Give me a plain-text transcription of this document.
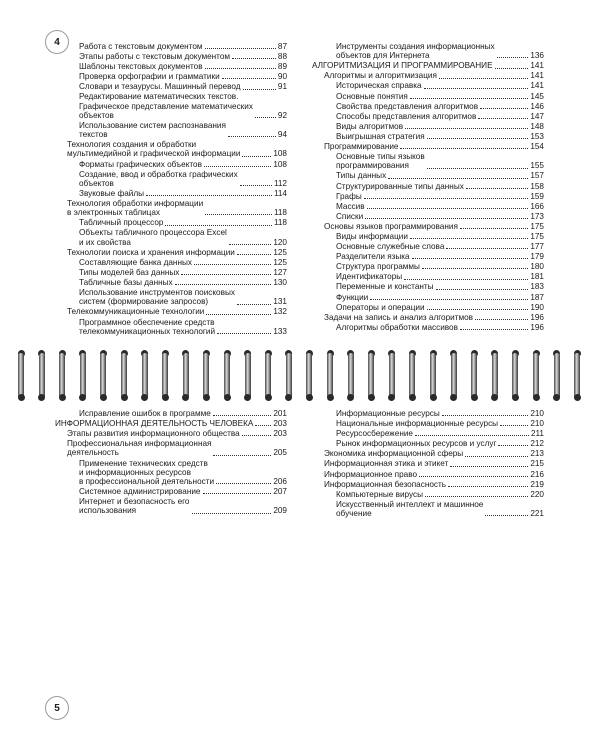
4
5
Работа с текстовым документом	87
Этапы работы с текстовым документом	88
Шаблоны текстовых документов	89
Проверка орфографии и грамматики	90
Словари и тезаурусы. Машинный перевод	91
Редактирование математических текстов.
Графическое представление математических
объектов	92
Использование систем распознавания
текстов	94
Технология создания и обработки
мультимедийной и графической информации	108
Форматы графических объектов	108
Создание, ввод и обработка графических
объектов	112
Звуковые файлы	114
Технология обработки информации
в электронных таблицах	118
Табличный процессор	118
Объекты табличного процессора Excel
и их свойства	120
Технологии поиска и хранения информации	125
Составляющие банка данных	125
Типы моделей баз данных	127
Табличные базы данных	130
Использование инструментов поисковых
систем (формирование запросов)	131
Телекоммуникационные технологии	132
Программное обеспечение средств
телекоммуникационных технологий	133
Инструменты создания информационных
объектов для Интернета	136
АЛГОРИТМИЗАЦИЯ И ПРОГРАММИРОВАНИЕ	141
Алгоритмы и алгоритмизация	141
Историческая справка	141
Основные понятия	145
Свойства представления алгоритмов	146
Способы представления алгоритмов	147
Виды алгоритмов	148
Выигрышная стратегия	153
Программирование	154
Основные типы языков
программирования	155
Типы данных	157
Структурированные типы данных	158
Графы	159
Массив	166
Списки	173
Основы языков программирования	175
Виды информации	175
Основные служебные слова	177
Разделители языка	179
Структура программы	180
Идентификаторы	181
Переменные и константы	183
Функции	187
Операторы и операции	190
Задачи на запись и анализ алгоритмов	196
Алгоритмы обработки массивов	196
Исправление ошибок в программе	201
ИНФОРМАЦИОННАЯ ДЕЯТЕЛЬНОСТЬ ЧЕЛОВЕКА 203
Этапы развития информационного общества	203
Профессиональная информационная
деятельность	205
Применение технических средств
и информационных ресурсов
в профессиональной деятельности	206
Системное администрирование	207
Интернет и безопасность его
использования	209
Информационные ресурсы	210
Национальные информационные ресурсы	210
Ресурсосбережение	211
Рынок информационных ресурсов и услуг	212
Экономика информационной сферы	213
Информационная этика и этикет	215
Информационное право	216
Информационная безопасность	219
Компьютерные вирусы	220
Искусственный интеллект и машинное
обучение	221
